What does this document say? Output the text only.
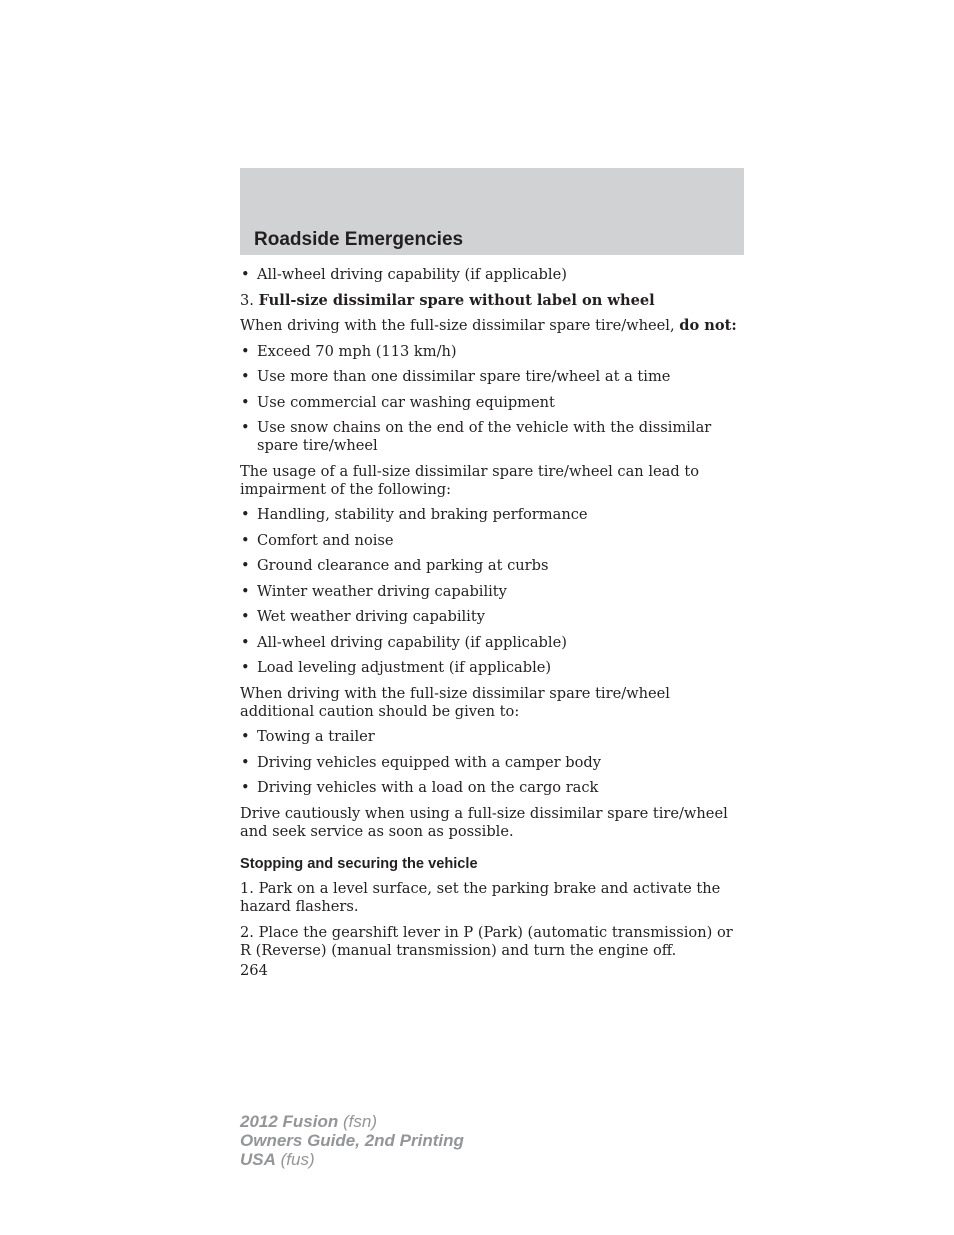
Roadside Emergencies
• All-wheel driving capability (if applicable)
3. Full-size dissimilar spare without label on wheel
When driving with the full-size dissimilar spare tire/wheel, do not:
• Exceed 70 mph (113 km/h)
• Use more than one dissimilar spare tire/wheel at a time
• Use commercial car washing equipment
• Use snow chains on the end of the vehicle with the dissimilar spare tire/wheel
The usage of a full-size dissimilar spare tire/wheel can lead to impairment of the following:
• Handling, stability and braking performance
• Comfort and noise
• Ground clearance and parking at curbs
• Winter weather driving capability
• Wet weather driving capability
• All-wheel driving capability (if applicable)
• Load leveling adjustment (if applicable)
When driving with the full-size dissimilar spare tire/wheel additional caution should be given to:
• Towing a trailer
• Driving vehicles equipped with a camper body
• Driving vehicles with a load on the cargo rack
Drive cautiously when using a full-size dissimilar spare tire/wheel and seek service as soon as possible.
Stopping and securing the vehicle
1. Park on a level surface, set the parking brake and activate the hazard flashers.
2. Place the gearshift lever in P (Park) (automatic transmission) or R (Reverse) (manual transmission) and turn the engine off.
264
2012 Fusion (fsn)
Owners Guide, 2nd Printing
USA (fus)
